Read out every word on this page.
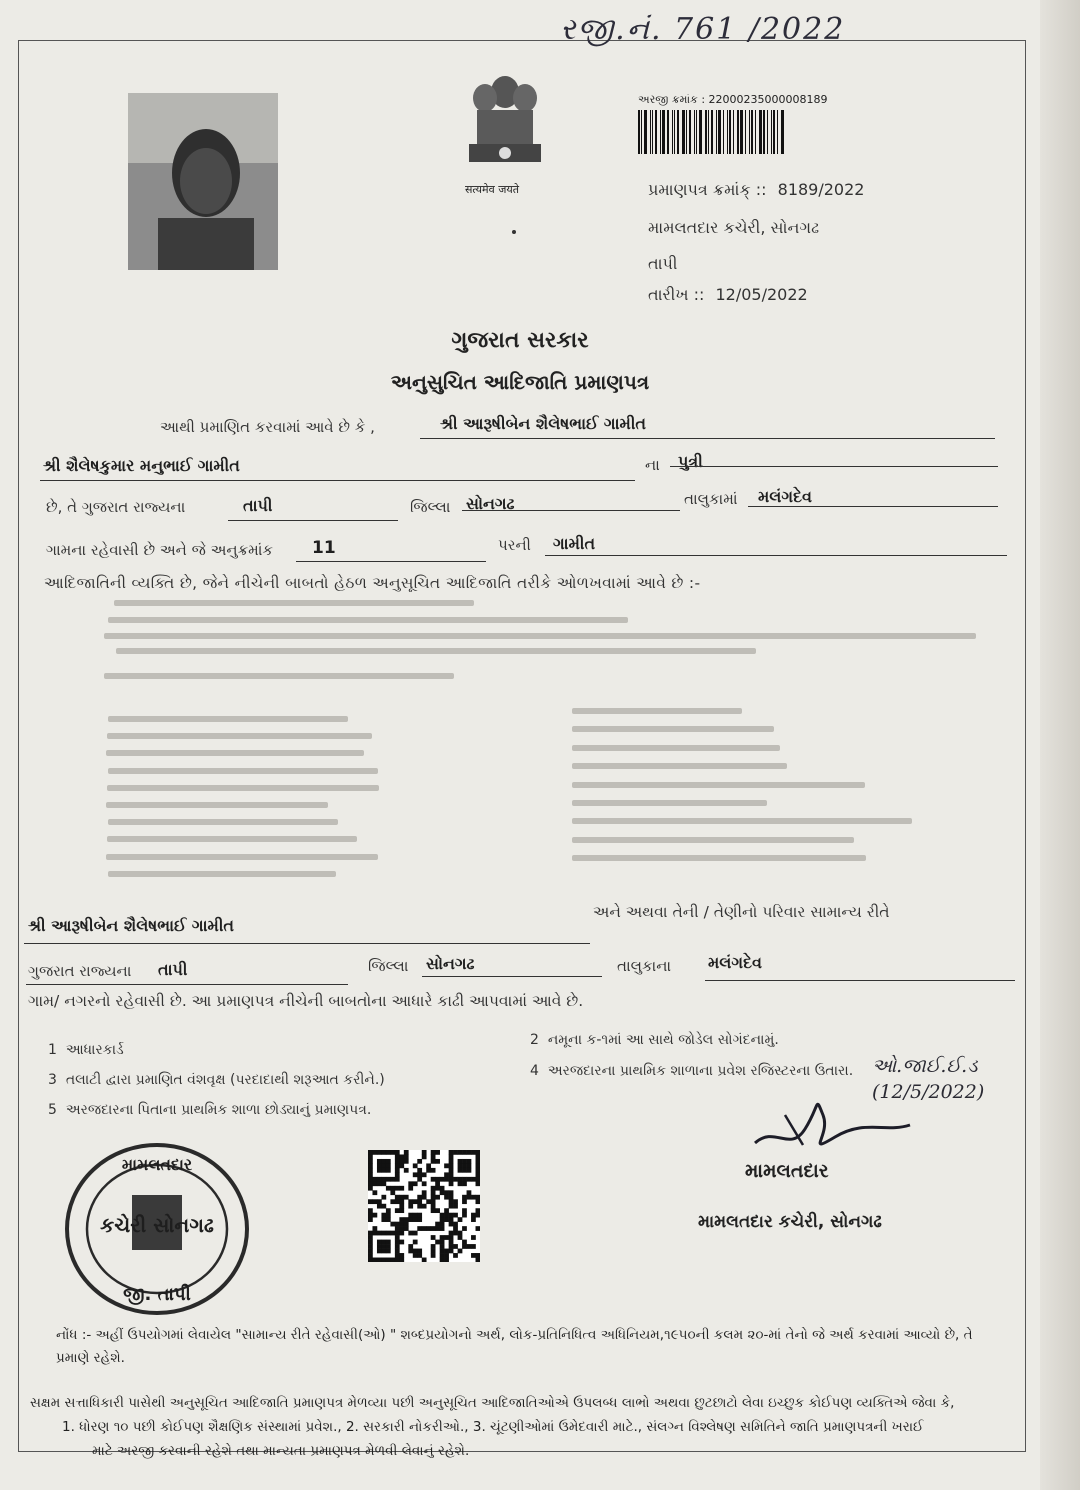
રજી.નં. 761 /2022
सत्यमेव जयते
અરજી ક્રમાંક : 22000235000008189
પ્રમાણપત્ર ક્રમાંક્ :: 8189/2022
મામલતદાર કચેરી, સોનગઢ
તાપી
તારીખ :: 12/05/2022
ગુજરાત સરકાર
અનુસુચિત આદિજાતિ પ્રમાણપત્ર
આથી પ્રમાણિત કરવામાં આવે છે કે ,	શ્રી આરૂષીબેન શૈલેષભાઈ ગામીત
શ્રી શૈલેષકુમાર મનુભાઈ ગામીત	ના પુત્રી
છે, તે ગુજરાત રાજ્યના	તાપી	જિલ્લા સોનગઢ	તાલુકામાં મલંગદેવ
ગામના રહેવાસી છે અને જે અનુક્રમાંક 11	પરની ગામીત
આદિજાતિની વ્યક્તિ છે, જેને નીચેની બાબતો હેઠળ અનુસૂચિત આદિજાતિ તરીકે ઓળખવામાં આવે છે :-
અને અથવા તેની / તેણીનો પરિવાર સામાન્ય રીતે
શ્રી આરૂષીબેન શૈલેષભાઈ ગામીત
ગુજરાત રાજ્યના તાપી	જિલ્લા સોનગઢ	તાલુકાના મલંગદેવ
ગામ/ નગરનો રહેવાસી છે. આ પ્રમાણપત્ર નીચેની બાબતોના આધારે કાઢી આપવામાં આવે છે.
1 આધારકાર્ડ
2 નમૂના ક-૧માં આ સાથે જોડેલ સોગંદનામું.
3 તલાટી દ્વારા પ્રમાણિત વંશવૃક્ષ (પરદાદાથી શરૂઆત કરીને.)
4 અરજદારના પ્રાથમિક શાળાના પ્રવેશ રજિસ્ટરના ઉતારા.
5 અરજદારના પિતાના પ્રાથમિક શાળા છોડ્યાનું પ્રમાણપત્ર.
ઓ.જાઈ.ઈ.ડ (12/5/2022)
મામલતદાર
મામલતદાર કચેરી, સોનગઢ
મામલતદાર
કચેરી સોનગઢ
જી. તાપી
નોંધ :- અહીં ઉપયોગમાં લેવાયેલ "સામાન્ય રીતે રહેવાસી(ઓ) " શબ્દપ્રયોગનો અર્થ, લોક-પ્રતિનિધિત્વ અધિનિયમ,૧૯૫૦ની કલમ ૨૦-માં તેનો જે અર્થ કરવામાં આવ્યો છે, તે
પ્રમાણે રહેશે.
સક્ષમ સત્તાધિકારી પાસેથી અનુસૂચિત આદિજાતિ પ્રમાણપત્ર મેળવ્યા પછી અનુસૂચિત આદિજાતિઓએ ઉપલબ્ધ લાભો અથવા છુટછાટો લેવા ઇચ્છુક કોઈપણ વ્યક્તિએ જેવા કે,
1. ધોરણ ૧૦ પછી કોઈપણ શૈક્ષણિક સંસ્થામાં પ્રવેશ., 2. સરકારી નોકરીઓ., 3. ચૂંટણીઓમાં ઉમેદવારી માટે., સંલગ્ન વિશ્લેષણ સમિતિને જાતિ પ્રમાણપત્રની ખરાઈ
માટે અરજી કરવાની રહેશે તથા માન્યતા પ્રમાણપત્ર મેળવી લેવાનું રહેશે.
